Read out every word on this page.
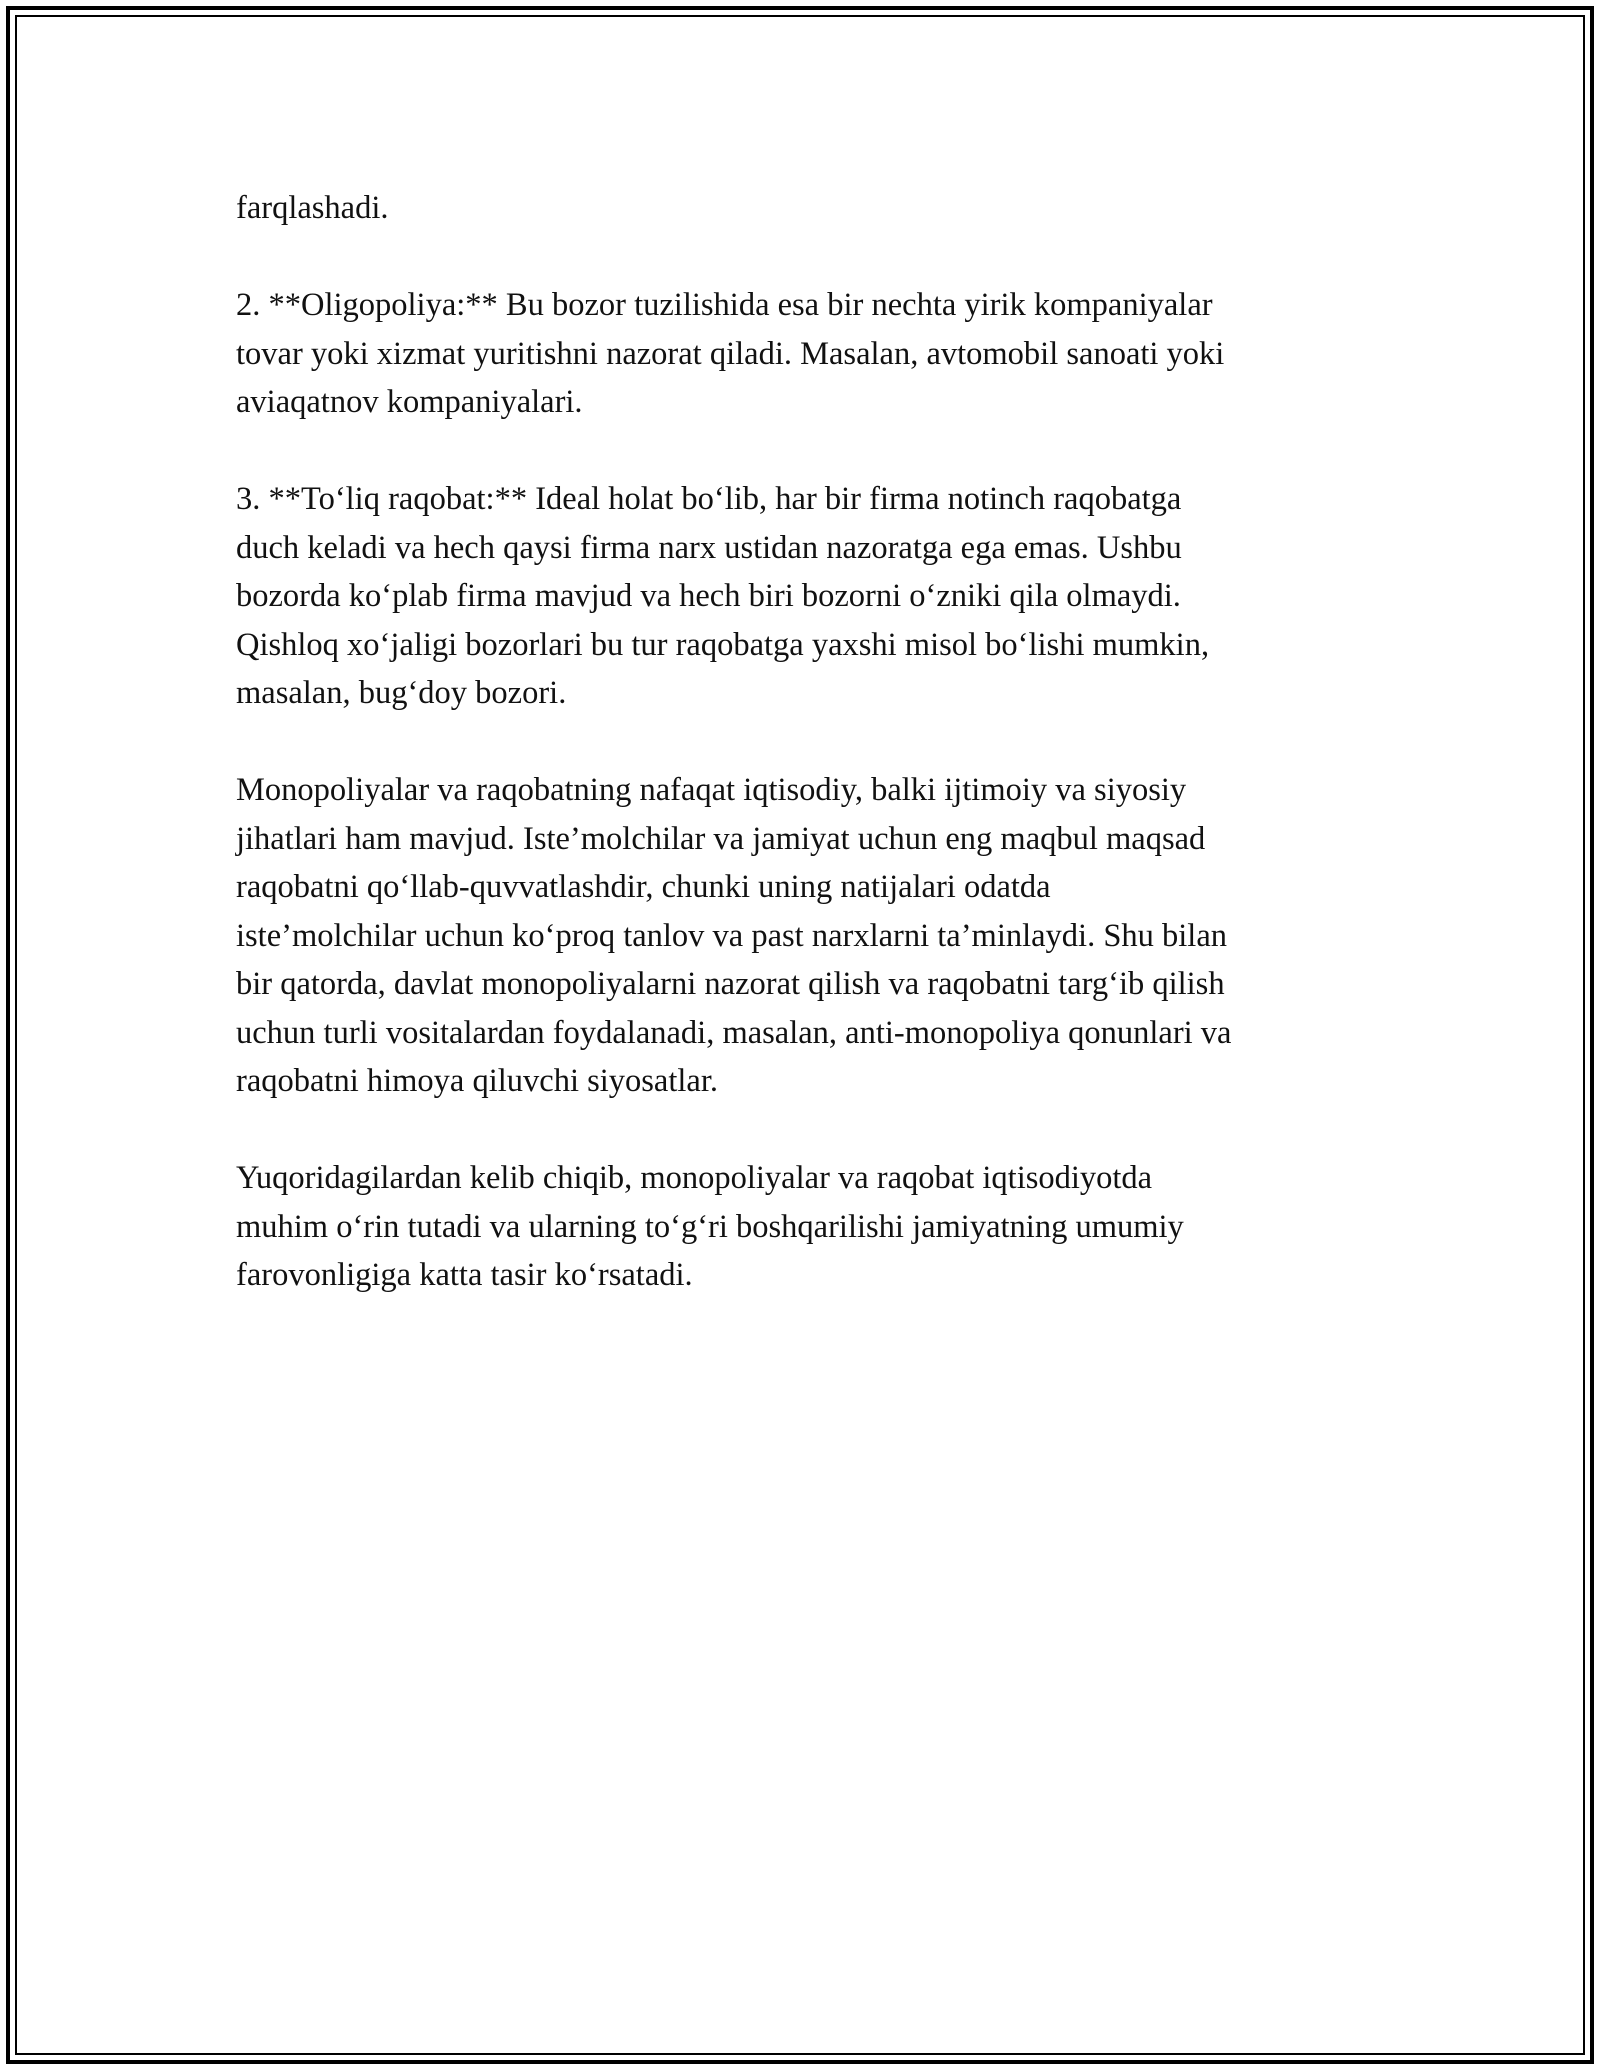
farqlashadi.

2. **Oligopoliya:** Bu bozor tuzilishida esa bir nechta yirik kompaniyalar
tovar yoki xizmat yuritishni nazorat qiladi. Masalan, avtomobil sanoati yoki
aviaqatnov kompaniyalari.

3. **To‘liq raqobat:** Ideal holat bo‘lib, har bir firma notinch raqobatga
duch keladi va hech qaysi firma narx ustidan nazoratga ega emas. Ushbu
bozorda ko‘plab firma mavjud va hech biri bozorni o‘zniki qila olmaydi.
Qishloq xo‘jaligi bozorlari bu tur raqobatga yaxshi misol bo‘lishi mumkin,
masalan, bug‘doy bozori.

Monopoliyalar va raqobatning nafaqat iqtisodiy, balki ijtimoiy va siyosiy
jihatlari ham mavjud. Iste’molchilar va jamiyat uchun eng maqbul maqsad
raqobatni qo‘llab-quvvatlashdir, chunki uning natijalari odatda
iste’molchilar uchun ko‘proq tanlov va past narxlarni ta’minlaydi. Shu bilan
bir qatorda, davlat monopoliyalarni nazorat qilish va raqobatni targ‘ib qilish
uchun turli vositalardan foydalanadi, masalan, anti-monopoliya qonunlari va
raqobatni himoya qiluvchi siyosatlar.

Yuqoridagilardan kelib chiqib, monopoliyalar va raqobat iqtisodiyotda
muhim o‘rin tutadi va ularning to‘g‘ri boshqarilishi jamiyatning umumiy
farovonligiga katta tasir ko‘rsatadi.
